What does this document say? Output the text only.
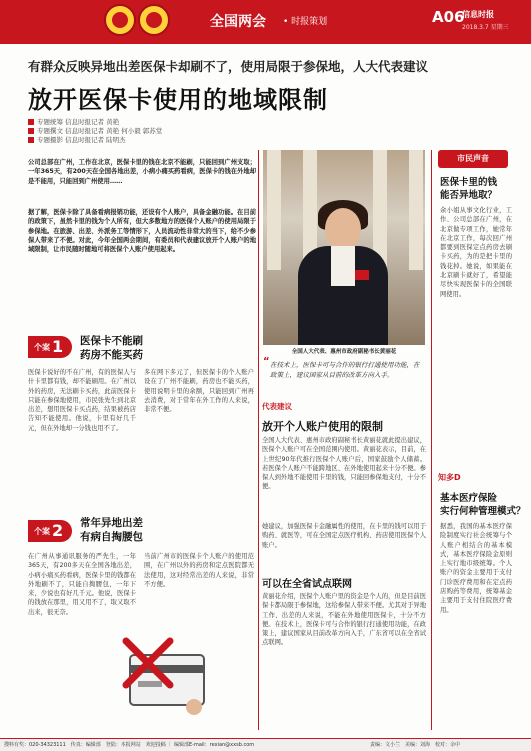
全国两会 • 时报策划	A06
信息时报
2018.3.7 星期三
有群众反映异地出差医保卡却刷不了，使用局限于参保地，人大代表建议
放开医保卡使用的地域限制
专题统筹 信息时报记者 黄艳
专题撰文 信息时报记者 黄艳 何小毅 郭苏堂
专题摄影 信息时报记者 陆明杰
公司总部在广州，工作在北京，医保卡里的钱在北京不能刷，只能回到广州支取；一年365天，有200天在全国各地出差，小病小痛买药看病，医保卡的钱在外地却是不能用，只能回到广州使用……
据了解，医保卡除了具备看病报销功能，还设有个人账户，具备金融功能。在目前的政策下，虽然卡里的钱为个人所有，但大多数地方的医保个人账户的使用局限于参保地。在旅游、出差、外派务工等情形下，人员流动性非常大的当下，给不少参保人带来了不便。对此，今年全国两会期间，有委员和代表建议放开个人账户的地域限制，让市民随时随地可将医保个人账户使用起来。
全国人大代表、惠州市政府副秘书长黄丽花
“ 在技术上，医保卡可与合作的银行打通使用功能，在政策上，建议国家从目前的改革方向入手。
代表建议
放开个人账户使用的限制
全国人大代表、惠州市政府副秘书长黄丽花就此提出建议，医保个人账户可在全国范围内使用。黄丽花表示，目前，在上世纪90年代推行医保个人账户后，国家鼓励个人储蓄。若医保个人账户不能跨地区、在外地使用起来十分不便。参保人到外地不能使用卡里的钱，只能回参保地支付，十分不便。
她建议，加强医保卡金融属性的使用，在卡里的钱可以用于购药、就医等，可在全国定点医疗机构、药店使用医保个人账户。
可以在全省试点联网
黄丽花介绍，医保个人账户里的资金是个人的，但是目前医保卡都局限于参保地，这给参保人带来不便。尤其对于异地工作、出差的人来说，不能在外地使用医保卡，十分不方便。在技术上，医保卡可与合作的银行打通使用功能，在政策上，建议国家从目前改革方向入手，广东省可以在全省试点联网。
个案 1	医保卡不能刷
药房不能买药
医保卡说好的不在广州，有的医保人与什卡里都有钱，却不能刷用。在广州以外的药房，无法刷卡买药，此前医保卡只能在参保地使用，市民张先生到北京出差，想用医保卡买点药，结果被药店告知不能使用。他说，卡里有好几千元，但在外地却一分钱也用不了。
多在网下多元了，但医保卡的个人账户设在了广州不能刷，药房也不能买药，使用说明卡里的余额，只能回到广州再去消费，对于常年在外工作的人来说，非常不便。
个案 2	常年异地出差
有病自掏腰包
在广州从事通讯服务的严先生，一年365天，有200多天在全国各地出差，小病小痛买药看病，医保卡里的钱都在外地刷不了，只能自掏腰包，一年下来，少说也有好几千元。他说，医保卡的钱放在那里，用又用不了，取又取不出来，很无奈。
当前广州市的医保卡个人账户的使用范围，在广州以外的药房和定点医院都无法使用，这对经常出差的人来说，非常不方便。
市民声音
医保卡里的钱
能否异地取？
余小姐从事文化行业，工作、公司总部在广州，在北京做专项工作，她常年在北京工作，每次回广州都要到医保定点药房去刷卡买药，为的是把卡里的钱花掉。她说，如果能在北京刷卡就好了，希望能尽快实现医保卡的全国联网使用。
知多D
基本医疗保险
实行何种管理模式？
据悉，我国的基本医疗保险制度实行社会统筹与个人账户相结合的基本模式，基本医疗保险金原则上实行地市级统筹。个人账户的资金主要用于支付门诊医疗费用和在定点药店购药等费用，统筹基金主要用于支付住院医疗费用。
搜料有奖：020-34323111　传真：编辑部　登陆：本报网站　欢迎投稿 ｜ 编辑部E-mail：rexian@xxsb.com	责编：文小兰　美编：刘海　校对：余中
